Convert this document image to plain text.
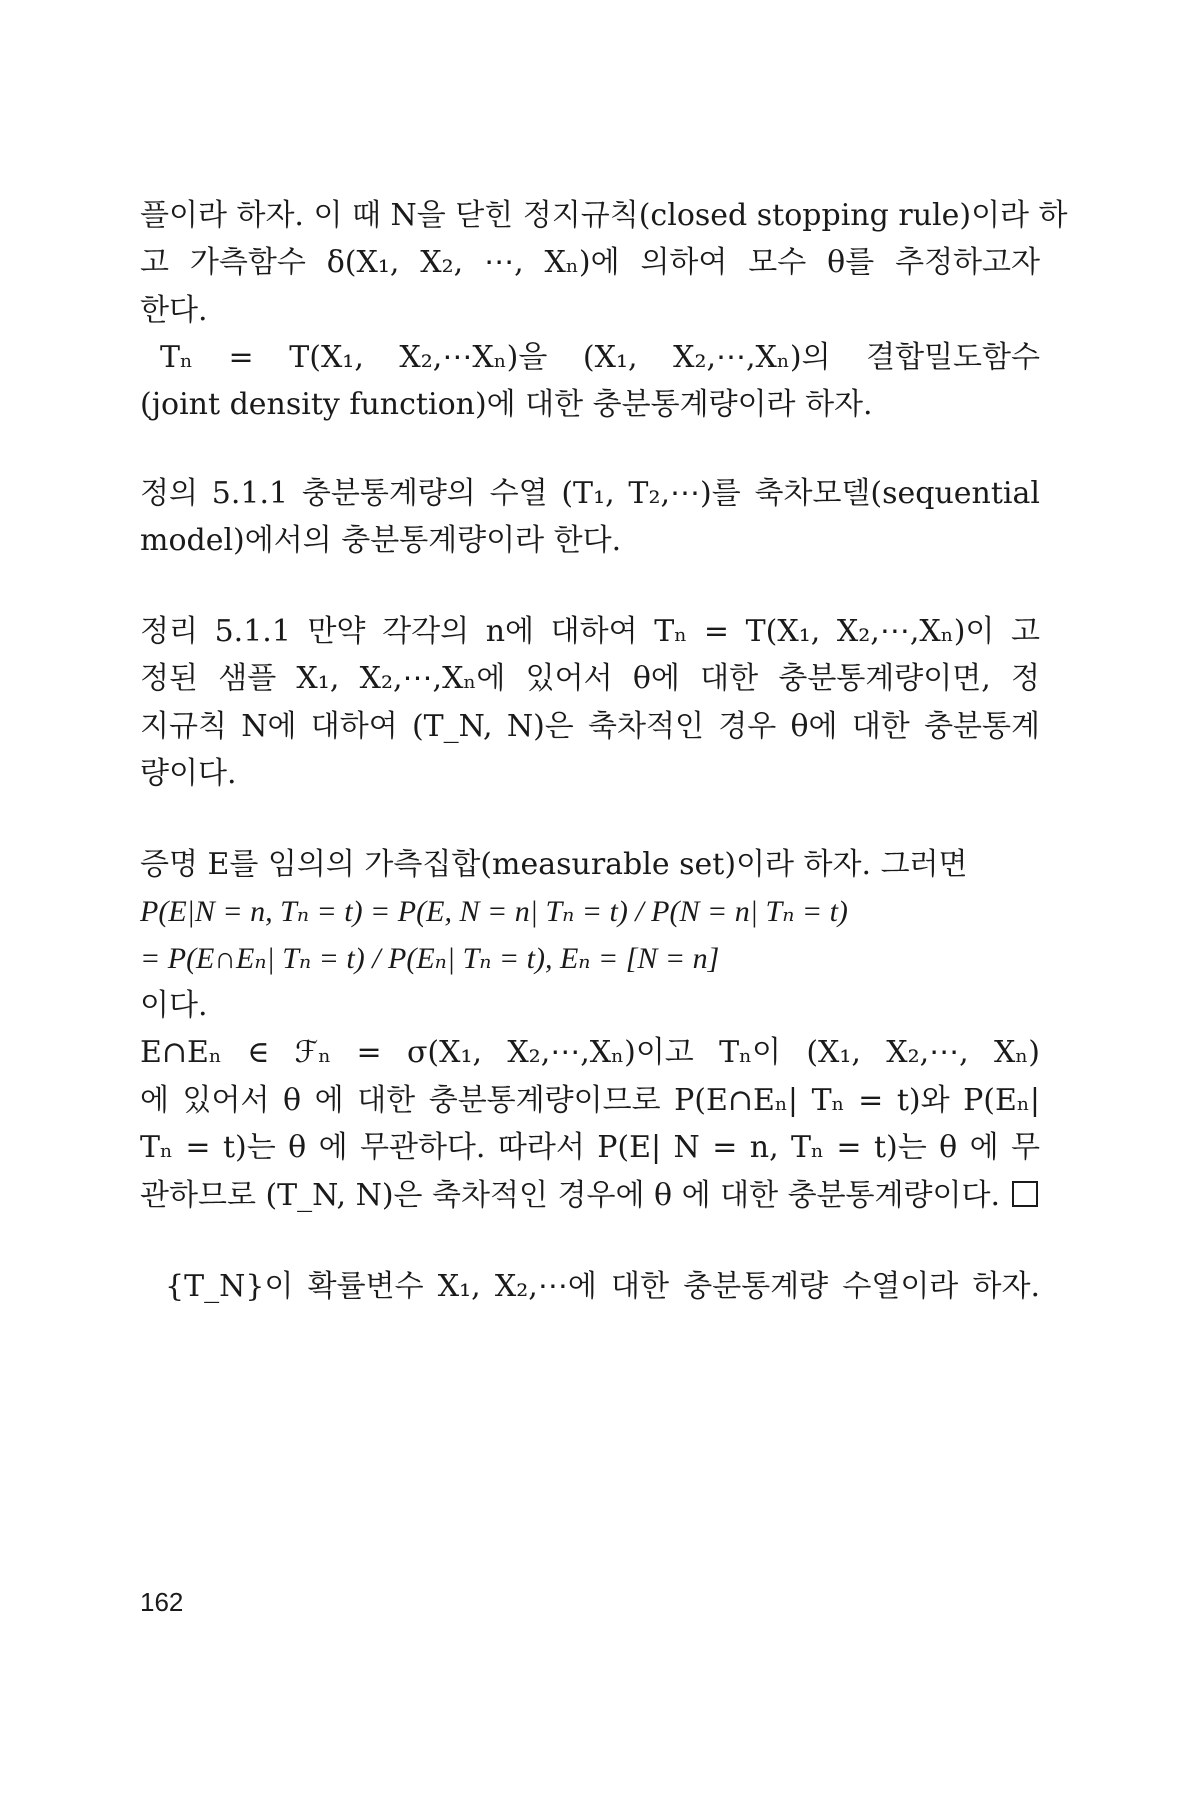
플이라 하자. 이 때 N을 닫힌 정지규칙(closed stopping rule)이라 하
고 가측함수 δ(X₁, X₂, ⋯, Xₙ)에 의하여 모수 θ를 추정하고자
한다.
Tₙ = T(X₁, X₂,⋯Xₙ)을 (X₁, X₂,⋯,Xₙ)의 결합밀도함수
(joint density function)에 대한 충분통계량이라 하자.
정의 5.1.1 충분통계량의 수열 (T₁, T₂,⋯)를 축차모델(sequential
model)에서의 충분통계량이라 한다.
정리 5.1.1 만약 각각의 n에 대하여 Tₙ = T(X₁, X₂,⋯,Xₙ)이 고
정된 샘플 X₁, X₂,⋯,Xₙ에 있어서 θ에 대한 충분통계량이면, 정
지규칙 N에 대하여 (T_N, N)은 축차적인 경우 θ에 대한 충분통계
량이다.
증명 E를 임의의 가측집합(measurable set)이라 하자. 그러면
P(E|N = n, Tₙ = t) = P(E, N = n| Tₙ = t) / P(N = n| Tₙ = t)
= P(E∩Eₙ| Tₙ = t) / P(Eₙ| Tₙ = t), Eₙ = [N = n]
이다.
E∩Eₙ ∈ ℱₙ = σ(X₁, X₂,⋯,Xₙ)이고 Tₙ이 (X₁, X₂,⋯, Xₙ)
에 있어서 θ 에 대한 충분통계량이므로 P(E∩Eₙ| Tₙ = t)와 P(Eₙ|
Tₙ = t)는 θ 에 무관하다. 따라서 P(E| N = n, Tₙ = t)는 θ 에 무
관하므로 (T_N, N)은 축차적인 경우에 θ 에 대한 충분통계량이다.
{T_N}이 확률변수 X₁, X₂,⋯에 대한 충분통계량 수열이라 하자.
162
